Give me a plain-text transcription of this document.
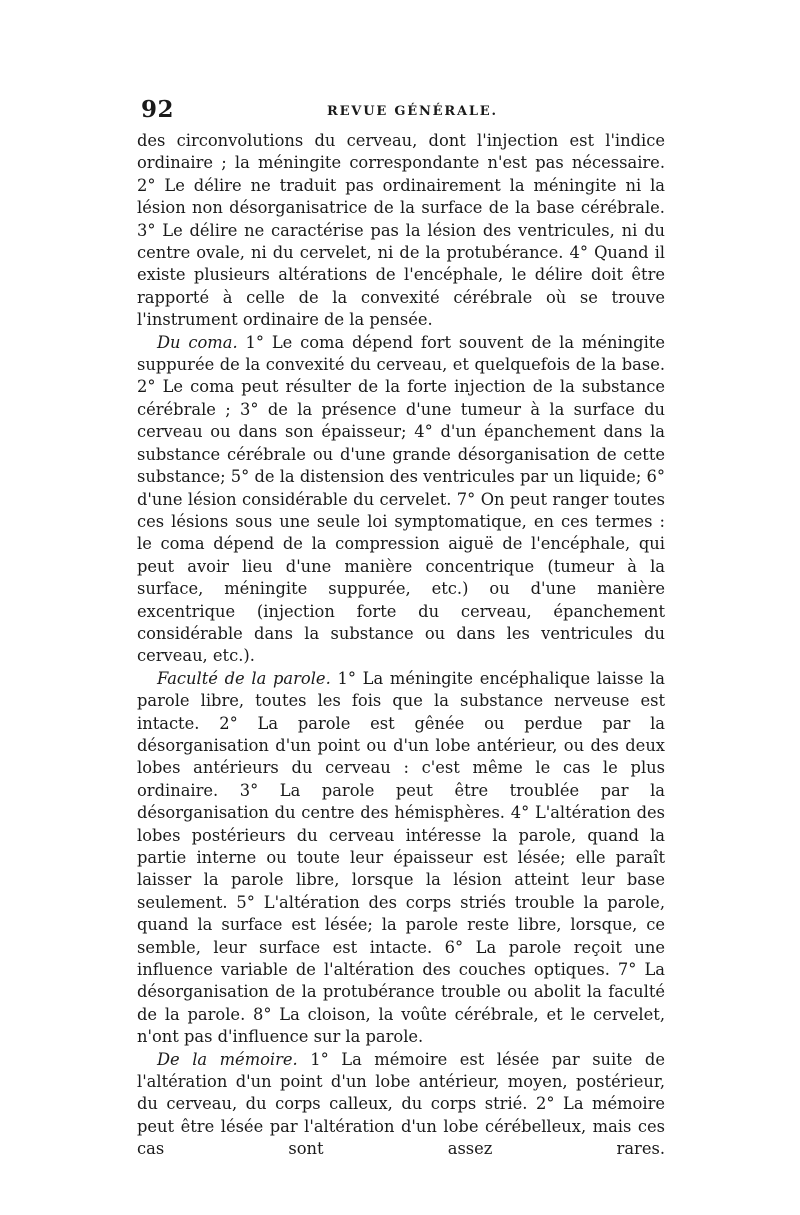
92	REVUE GÉNÉRALE.

des circonvolutions du cerveau, dont l'injection est l'indice ordinaire ; la méningite correspondante n'est pas nécessaire. 2° Le délire ne traduit pas ordinairement la méningite ni la lésion non désorganisatrice de la surface de la base cérébrale. 3° Le délire ne caractérise pas la lésion des ventricules, ni du centre ovale, ni du cervelet, ni de la protubérance. 4° Quand il existe plusieurs altérations de l'encéphale, le délire doit être rapporté à celle de la convexité cérébrale où se trouve l'instrument ordinaire de la pensée.

Du coma. 1° Le coma dépend fort souvent de la méningite suppurée de la convexité du cerveau, et quelquefois de la base. 2° Le coma peut résulter de la forte injection de la substance cérébrale ; 3° de la présence d'une tumeur à la surface du cerveau ou dans son épaisseur; 4° d'un épanchement dans la substance cérébrale ou d'une grande désorganisation de cette substance; 5° de la distension des ventricules par un liquide; 6° d'une lésion considérable du cervelet. 7° On peut ranger toutes ces lésions sous une seule loi symptomatique, en ces termes : le coma dépend de la compression aiguë de l'encéphale, qui peut avoir lieu d'une manière concentrique (tumeur à la surface, méningite suppurée, etc.) ou d'une manière excentrique (injection forte du cerveau, épanchement considérable dans la substance ou dans les ventricules du cerveau, etc.).

Faculté de la parole. 1° La méningite encéphalique laisse la parole libre, toutes les fois que la substance nerveuse est intacte. 2° La parole est gênée ou perdue par la désorganisation d'un point ou d'un lobe antérieur, ou des deux lobes antérieurs du cerveau : c'est même le cas le plus ordinaire. 3° La parole peut être troublée par la désorganisation du centre des hémisphères. 4° L'altération des lobes postérieurs du cerveau intéresse la parole, quand la partie interne ou toute leur épaisseur est lésée; elle paraît laisser la parole libre, lorsque la lésion atteint leur base seulement. 5° L'altération des corps striés trouble la parole, quand la surface est lésée; la parole reste libre, lorsque, ce semble, leur surface est intacte. 6° La parole reçoit une influence variable de l'altération des couches optiques. 7° La désorganisation de la protubérance trouble ou abolit la faculté de la parole. 8° La cloison, la voûte cérébrale, et le cervelet, n'ont pas d'influence sur la parole.

De la mémoire. 1° La mémoire est lésée par suite de l'altération d'un point d'un lobe antérieur, moyen, postérieur, du cerveau, du corps calleux, du corps strié. 2° La mémoire peut être lésée par l'altération d'un lobe cérébelleux, mais ces cas sont assez rares.
